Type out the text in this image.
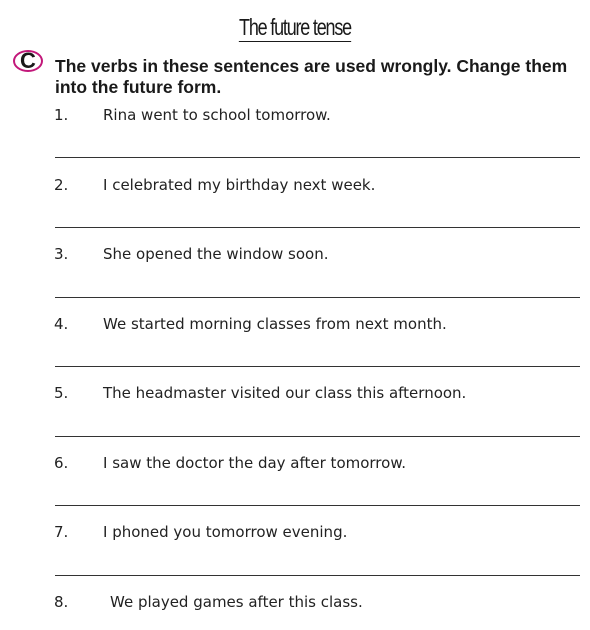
The future tense
C The verbs in these sentences are used wrongly. Change them into the future form.
1. Rina went to school tomorrow.
2. I celebrated my birthday next week.
3. She opened the window soon.
4. We started morning classes from next month.
5. The headmaster visited our class this afternoon.
6. I saw the doctor the day after tomorrow.
7. I phoned you tomorrow evening.
8.	We played games after this class.
